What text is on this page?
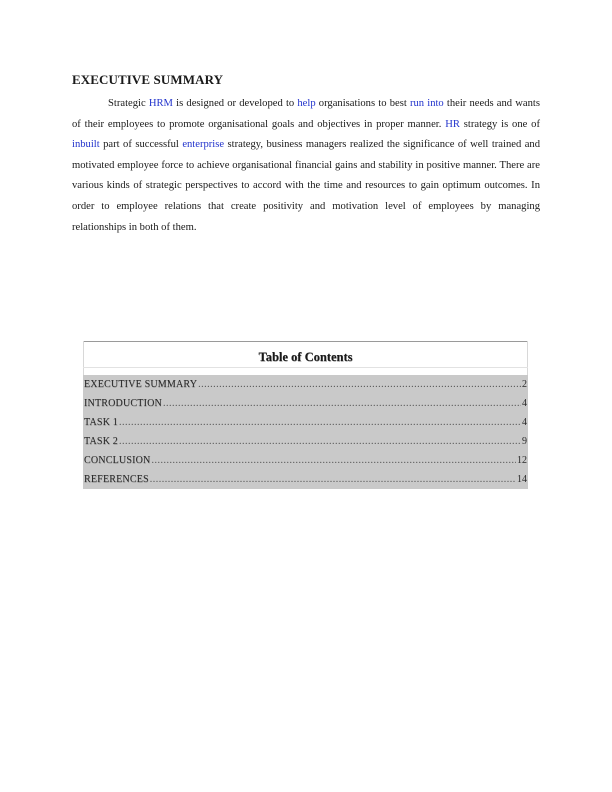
EXECUTIVE SUMMARY

Strategic HRM is designed or developed to help organisations to best run into their needs and wants of their employees to promote organisational goals and objectives in proper manner. HR strategy is one of inbuilt part of successful enterprise strategy, business managers realized the significance of well trained and motivated employee force to achieve organisational financial gains and stability in positive manner. There are various kinds of strategic perspectives to accord with the time and resources to gain optimum outcomes. In order to employee relations that create positivity and motivation level of employees by managing relationships in both of them.

Table of Contents
EXECUTIVE SUMMARY .....	2
INTRODUCTION .....	4
TASK 1 .....	4
TASK 2 .....	9
CONCLUSION .....	12
REFERENCES .....	14
